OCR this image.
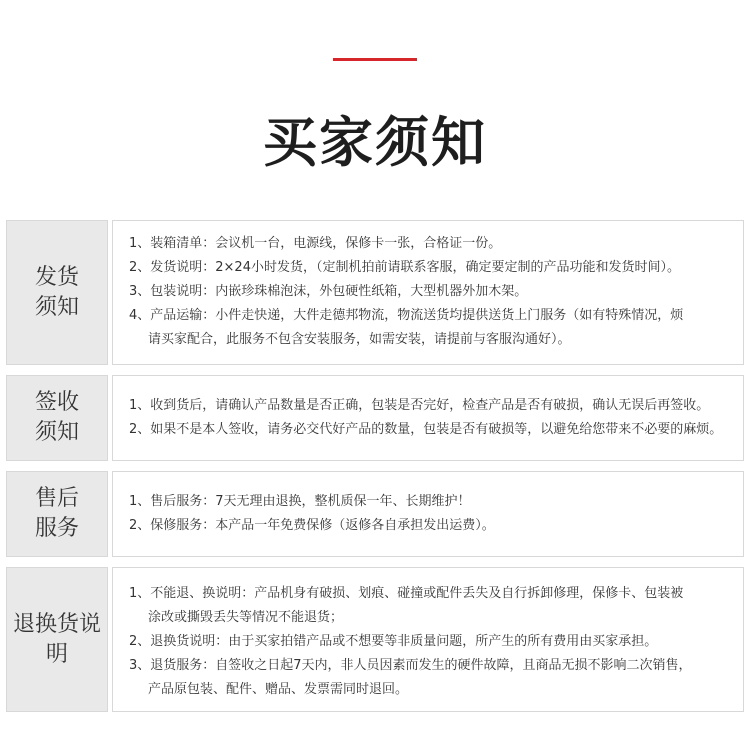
买家须知
发货须知

1、装箱清单：会议机一台，电源线，保修卡一张，合格证一份。

2、发货说明：2×24小时发货，（定制机拍前请联系客服，确定要定制的产品功能和发货时间）。

3、包装说明：内嵌珍珠棉泡沫，外包硬性纸箱，大型机器外加木架。

4、产品运输：小件走快递，大件走德邦物流，物流送货均提供送货上门服务（如有特殊情况，烦
请买家配合，此服务不包含安装服务，如需安装，请提前与客服沟通好）。

签收须知

1、收到货后，请确认产品数量是否正确，包装是否完好，检查产品是否有破损，确认无误后再签收。

2、如果不是本人签收，请务必交代好产品的数量，包装是否有破损等，以避免给您带来不必要的麻烦。

售后服务

1、售后服务：7天无理由退换，整机质保一年、长期维护！

2、保修服务：本产品一年免费保修（返修各自承担发出运费）。

退换货说明

1、不能退、换说明：产品机身有破损、划痕、碰撞或配件丢失及自行拆卸修理，保修卡、包装被
涂改或撕毁丢失等情况不能退货；

2、退换货说明：由于买家拍错产品或不想要等非质量问题，所产生的所有费用由买家承担。

3、退货服务：自签收之日起7天内，非人员因素而发生的硬件故障，且商品无损不影响二次销售，
产品原包装、配件、赠品、发票需同时退回。
